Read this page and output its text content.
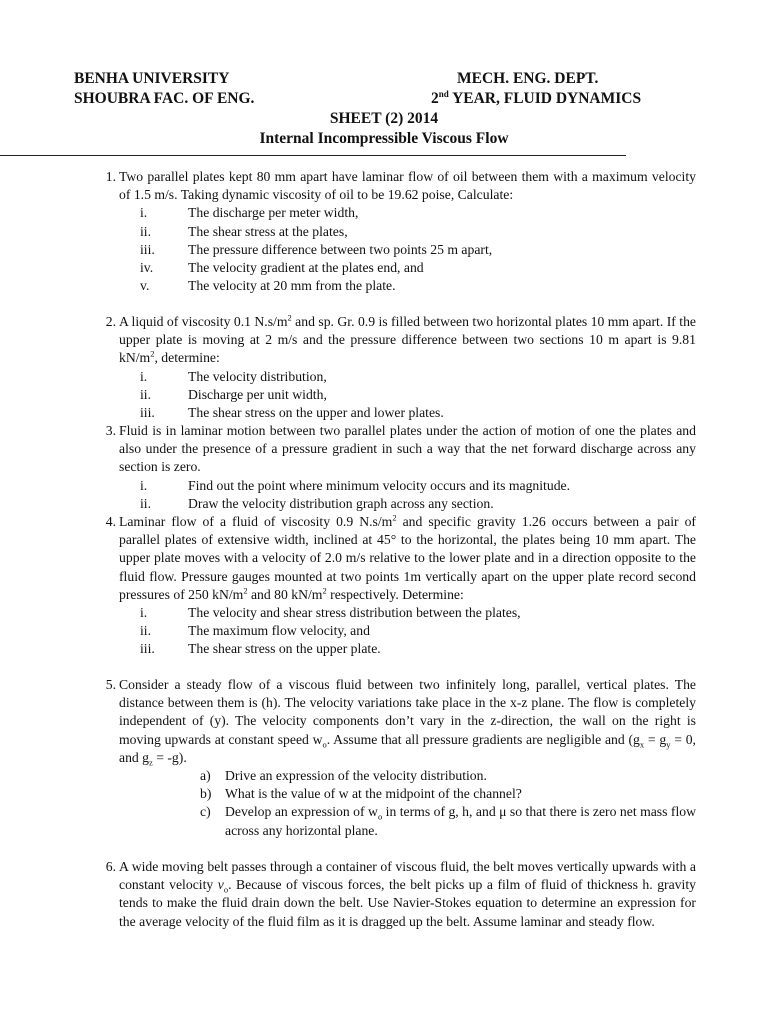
BENHA UNIVERSITY
SHOUBRA FAC. OF ENG.
MECH. ENG. DEPT.
2nd YEAR, FLUID DYNAMICS
SHEET (2) 2014
Internal Incompressible Viscous Flow
1. Two parallel plates kept 80 mm apart have laminar flow of oil between them with a maximum velocity of 1.5 m/s. Taking dynamic viscosity of oil to be 19.62 poise, Calculate:
i.	The discharge per meter width,
ii.	The shear stress at the plates,
iii. The pressure difference between two points 25 m apart,
iv.	The velocity gradient at the plates end, and
v.	The velocity at 20 mm from the plate.
2. A liquid of viscosity 0.1 $N.s/m^2$ and sp. Gr. 0.9 is filled between two horizontal plates 10 mm apart. If the upper plate is moving at 2 m/s and the pressure difference between two sections 10 m apart is 9.81 $kN/m^2$, determine:
i.	The velocity distribution,
ii.	Discharge per unit width,
iii. The shear stress on the upper and lower plates.
3. Fluid is in laminar motion between two parallel plates under the action of motion of one the plates and also under the presence of a pressure gradient in such a way that the net forward discharge across any section is zero.
i.	Find out the point where minimum velocity occurs and its magnitude.
ii.	Draw the velocity distribution graph across any section.
4. Laminar flow of a fluid of viscosity 0.9 $N.s/m^2$ and specific gravity 1.26 occurs between a pair of parallel plates of extensive width, inclined at 45° to the horizontal, the plates being 10 mm apart. The upper plate moves with a velocity of 2.0 m/s relative to the lower plate and in a direction opposite to the fluid flow. Pressure gauges mounted at two points 1m vertically apart on the upper plate record second pressures of 250 $kN/m^2$ and 80 $kN/m^2$ respectively. Determine:
i.	The velocity and shear stress distribution between the plates,
ii.	The maximum flow velocity, and
iii. The shear stress on the upper plate.
5. Consider a steady flow of a viscous fluid between two infinitely long, parallel, vertical plates. The distance between them is (h). The velocity variations take place in the x-z plane. The flow is completely independent of (y). The velocity components don’t vary in the z-direction, the wall on the right is moving upwards at constant speed $w_o$. Assume that all pressure gradients are negligible and ($g_x = g_y = 0$, and $g_z = -g$).
a) Drive an expression of the velocity distribution.
b) What is the value of w at the midpoint of the channel?
c) Develop an expression of $w_o$ in terms of g, h, and μ so that there is zero net mass flow across any horizontal plane.
6. A wide moving belt passes through a container of viscous fluid, the belt moves vertically upwards with a constant velocity $v_o$. Because of viscous forces, the belt picks up a film of fluid of thickness h. gravity tends to make the fluid drain down the belt. Use Navier-Stokes equation to determine an expression for the average velocity of the fluid film as it is dragged up the belt. Assume laminar and steady flow.
